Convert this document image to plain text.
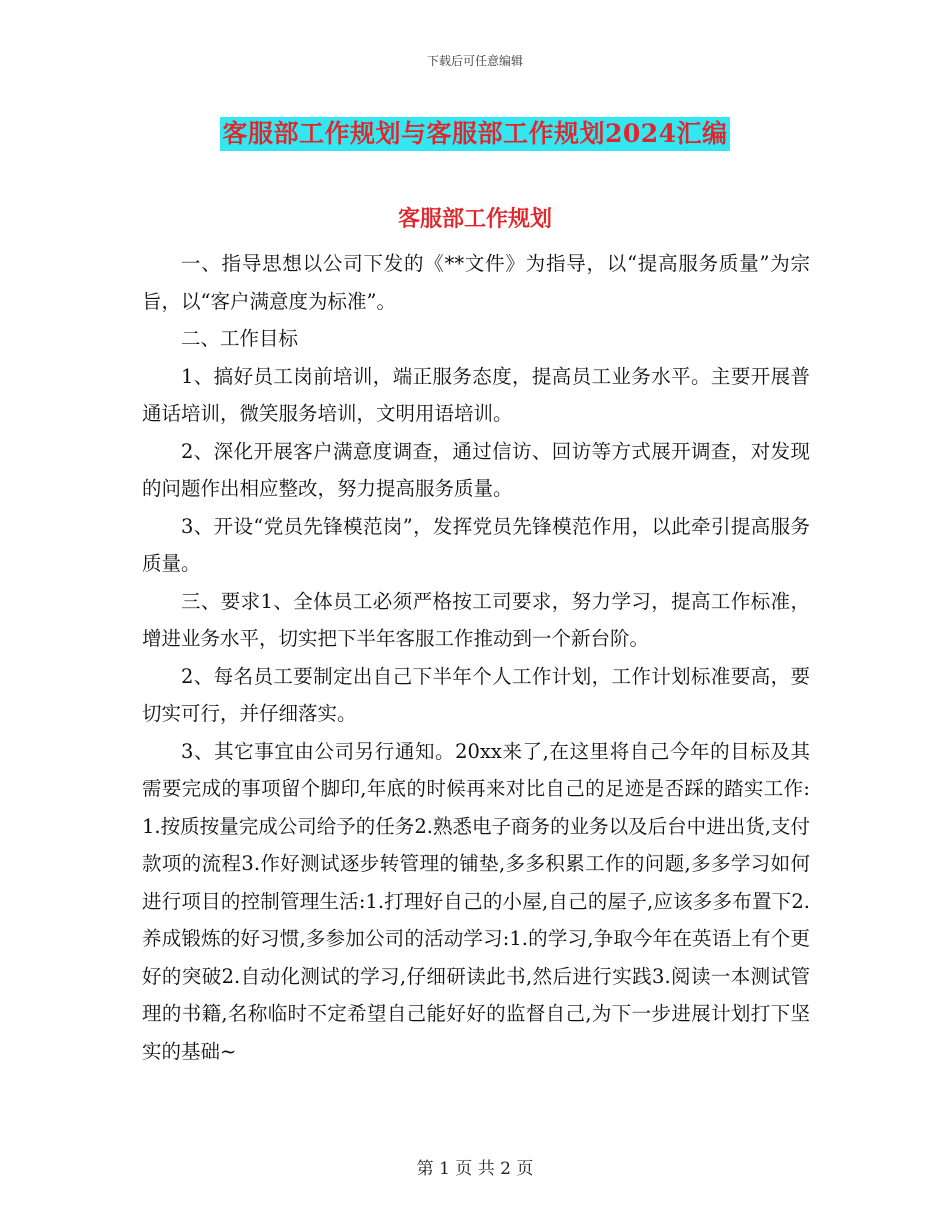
下载后可任意编辑
客服部工作规划与客服部工作规划2024汇编
客服部工作规划

一、指导思想以公司下发的《**文件》为指导，以“提高服务质量”为宗旨，以“客户满意度为标准”。

二、工作目标

1、搞好员工岗前培训，端正服务态度，提高员工业务水平。主要开展普通话培训，微笑服务培训，文明用语培训。

2、深化开展客户满意度调查，通过信访、回访等方式展开调查，对发现的问题作出相应整改，努力提高服务质量。

3、开设“党员先锋模范岗”，发挥党员先锋模范作用，以此牵引提高服务质量。

三、要求1、全体员工必须严格按工司要求，努力学习，提高工作标准，增进业务水平，切实把下半年客服工作推动到一个新台阶。

2、每名员工要制定出自己下半年个人工作计划，工作计划标准要高，要切实可行，并仔细落实。

3、其它事宜由公司另行通知。20xx来了,在这里将自己今年的目标及其需要完成的事项留个脚印,年底的时候再来对比自己的足迹是否踩的踏实工作:1.按质按量完成公司给予的任务2.熟悉电子商务的业务以及后台中进出货,支付款项的流程3.作好测试逐步转管理的铺垫,多多积累工作的问题,多多学习如何进行项目的控制管理生活:1.打理好自己的小屋,自己的屋子,应该多多布置下2.养成锻炼的好习惯,多参加公司的活动学习:1.的学习,争取今年在英语上有个更好的突破2.自动化测试的学习,仔细研读此书,然后进行实践3.阅读一本测试管理的书籍,名称临时不定希望自己能好好的监督自己,为下一步进展计划打下坚实的基础~

第 1 页 共 2 页
